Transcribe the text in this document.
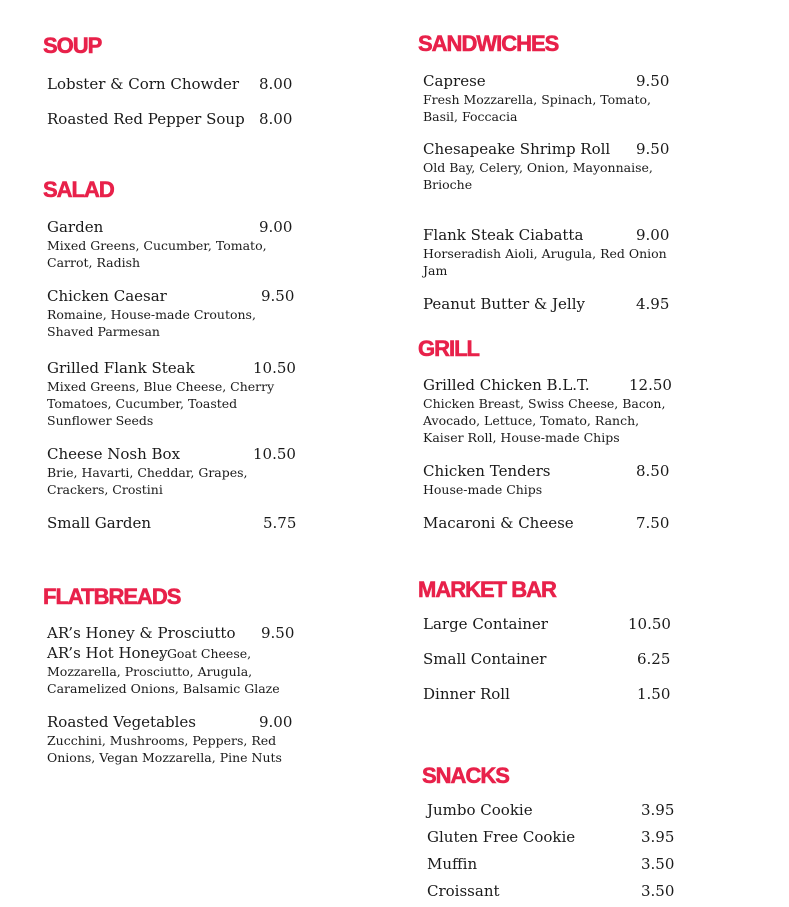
SOUP
Lobster & Corn Chowder 8.00
Roasted Red Pepper Soup 8.00
SALAD
Garden	9.00
Mixed Greens, Cucumber, Tomato,
Carrot, Radish
Chicken Caesar	9.50
Romaine, House-made Croutons,
Shaved Parmesan
Grilled Flank Steak	10.50
Mixed Greens, Blue Cheese, Cherry
Tomatoes, Cucumber, Toasted
Sunflower Seeds
Cheese Nosh Box	10.50
Brie, Havarti, Cheddar, Grapes,
Crackers, Crostini
Small Garden	5.75
FLATBREADS
AR’s Honey & Prosciutto 9.50
AR’s Hot Honey
, Goat Cheese,
Mozzarella, Prosciutto, Arugula,
Caramelized Onions, Balsamic Glaze
Roasted Vegetables	9.00
Zucchini, Mushrooms, Peppers, Red
Onions, Vegan Mozzarella, Pine Nuts
SANDWICHES
Caprese	9.50
Fresh Mozzarella, Spinach, Tomato,
Basil, Foccacia
Chesapeake Shrimp Roll 9.50
Old Bay, Celery, Onion, Mayonnaise,
Brioche
Flank Steak Ciabatta	9.00
Horseradish Aioli, Arugula, Red Onion
Jam
Peanut Butter & Jelly	4.95
GRILL
Grilled Chicken B.L.T.	12.50
Chicken Breast, Swiss Cheese, Bacon,
Avocado, Lettuce, Tomato, Ranch,
Kaiser Roll, House-made Chips
Chicken Tenders	8.50
House-made Chips
Macaroni & Cheese	7.50
MARKET BAR
Large Container	10.50
Small Container	6.25
Dinner Roll	1.50
SNACKS
Jumbo Cookie	3.95
Gluten Free Cookie	3.95
Muffin	3.50
Croissant	3.50
